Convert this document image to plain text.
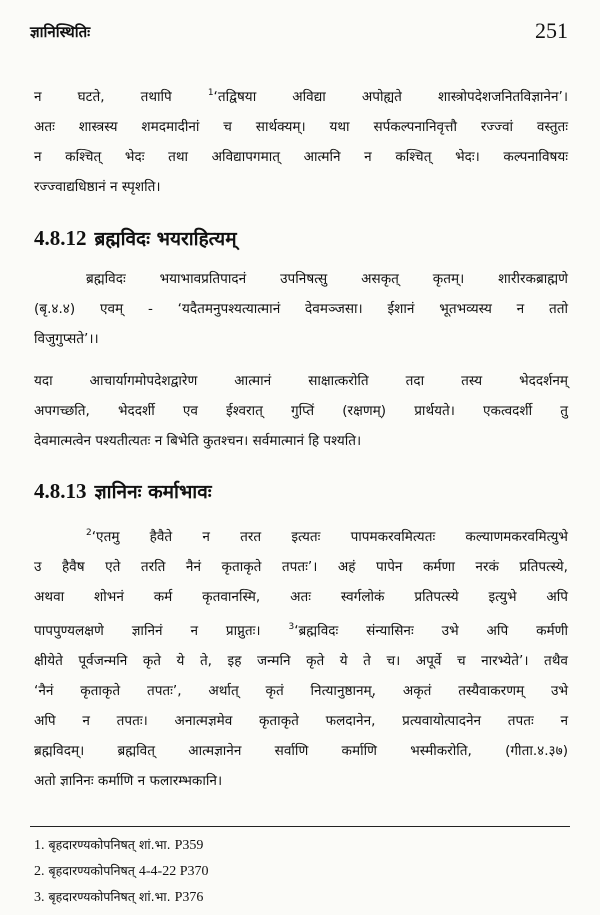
ज्ञानिस्थितिः	251
न घटते, तथापि $^1$‘तद्विषया अविद्या अपोह्यते शास्त्रोपदेशजनितविज्ञानेन’।
अतः शास्त्रस्य शमदमादीनां च सार्थक्यम्। यथा सर्पकल्पनानिवृत्तौ रज्ज्वां वस्तुतः
न कश्चित् भेदः तथा अविद्यापगमात् आत्मनि न कश्चित् भेदः। कल्पनाविषयः
रज्ज्वाद्यधिष्ठानं न स्पृशति।
4.8.12 ब्रह्मविदः भयराहित्यम्
ब्रह्मविदः भयाभावप्रतिपादनं उपनिषत्सु असकृत् कृतम्। शारीरकब्राह्मणे
(बृ.४.४) एवम् - ‘यदैतमनुपश्यत्यात्मानं देवमञ्जसा। ईशानं भूतभव्यस्य न ततो
विजुगुप्सते’।।
यदा आचार्यागमोपदेशद्वारेण आत्मानं साक्षात्करोति तदा तस्य भेददर्शनम्
अपगच्छति, भेददर्शी एव ईश्वरात् गुप्तिं (रक्षणम्) प्रार्थयते। एकत्वदर्शी तु
देवमात्मत्वेन पश्यतीत्यतः न बिभेति कुतश्चन। सर्वमात्मानं हि पश्यति।
4.8.13 ज्ञानिनः कर्माभावः
$^2$‘एतमु हैवैते न तरत इत्यतः पापमकरवमित्यतः कल्याणमकरवमित्युभे
उ हैवैष एते तरति नैनं कृताकृते तपतः’। अहं पापेन कर्मणा नरकं प्रतिपत्स्ये,
अथवा शोभनं कर्म कृतवानस्मि, अतः स्वर्गलोकं प्रतिपत्स्ये इत्युभे अपि
पापपुण्यलक्षणे ज्ञानिनं न प्राप्नुतः। $^3$‘ब्रह्मविदः संन्यासिनः उभे अपि कर्मणी
क्षीयेते पूर्वजन्मनि कृते ये ते, इह जन्मनि कृते ये ते च। अपूर्वे च नारभ्येते’। तथैव
‘नैनं कृताकृते तपतः’, अर्थात् कृतं नित्यानुष्ठानम्, अकृतं तस्यैवाकरणम् उभे
अपि न तपतः। अनात्मज्ञमेव कृताकृते फलदानेन, प्रत्यवायोत्पादनेन तपतः न
ब्रह्मविदम्। ब्रह्मवित् आत्मज्ञानेन सर्वाणि कर्माणि भस्मीकरोति, (गीता.४.३७)
अतो ज्ञानिनः कर्माणि न फलारम्भकानि।

1. बृहदारण्यकोपनिषत् शां.भा. P359

2. बृहदारण्यकोपनिषत् 4-4-22 P370

3. बृहदारण्यकोपनिषत् शां.भा. P376
